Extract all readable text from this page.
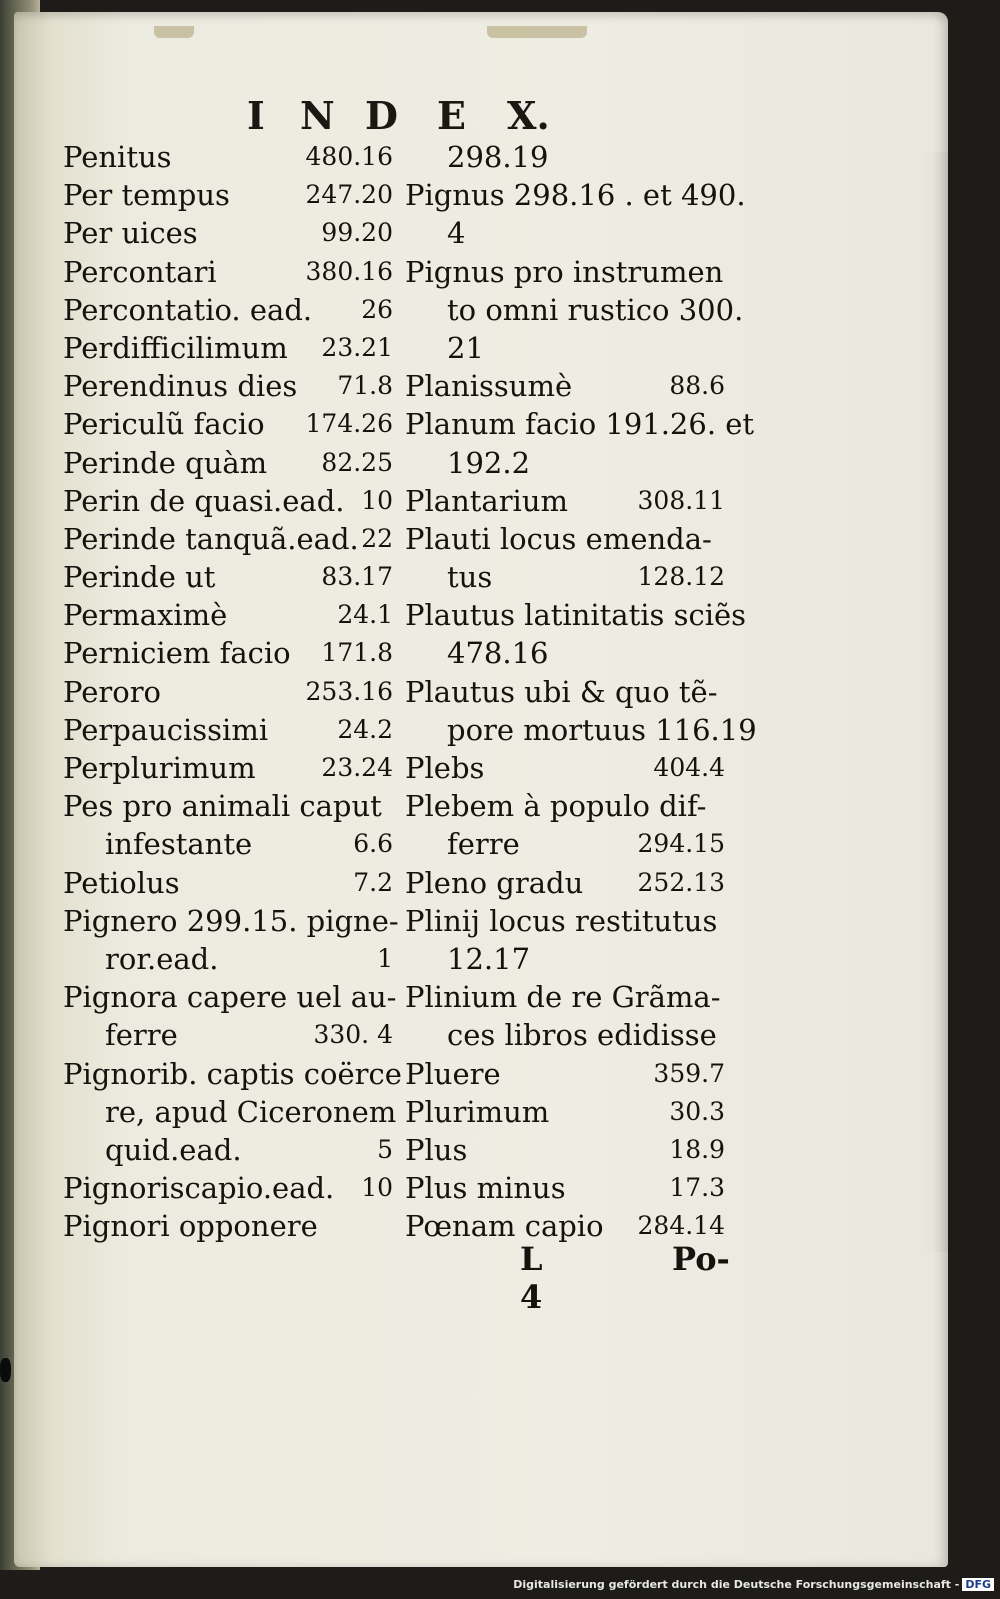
I N D E X.
Penitus	480.16
Per tempus	247.20
Per uices	99.20
Percontari	380.16
Percontatio. ead. 26
Perdifficilimum 23.21
Perendinus dies 71.8
Periculũ facio 174.26
Perinde quàm 82.25
Perin de quasi.ead. 10
Perinde tanquã.ead. 22
Perinde ut	83.17
Permaximè	24.1
Perniciem facio 171.8
Peroro	253.16
Perpaucissimi	24.2
Perplurimum	23.24
Pes pro animali caput
infestante	6.6
Petiolus	7.2
Pignero 299.15. pigne-
ror.ead.	1
Pignora capere uel au-
ferre	330. 4
Pignorib. captis coërce
re, apud Ciceronem
quid.ead.	5
Pignoriscapio.ead. 10
Pignori opponere
298.19
Pignus 298.16 . et 490.
4
Pignus pro instrumen
to omni rustico 300.
21
Planissumè	88.6
Planum facio 191.26. et
192.2
Plantarium	308.11
Plauti locus emenda-
tus	128.12
Plautus latinitatis sciẽs
478.16
Plautus ubi & quo tẽ-
pore mortuus 116.19
Plebs	404.4
Plebem à populo dif-
ferre	294.15
Pleno gradu 252.13
Plinij locus restitutus
12.17
Plinium de re Grãma-
ces libros edidisse
Pluere	359.7
Plurimum	30.3
Plus	18.9
Plus minus	17.3
Pœnam capio 284.14
L 4
Po-
Digitalisierung gefördert durch die Deutsche Forschungsgemeinschaft - DFG
